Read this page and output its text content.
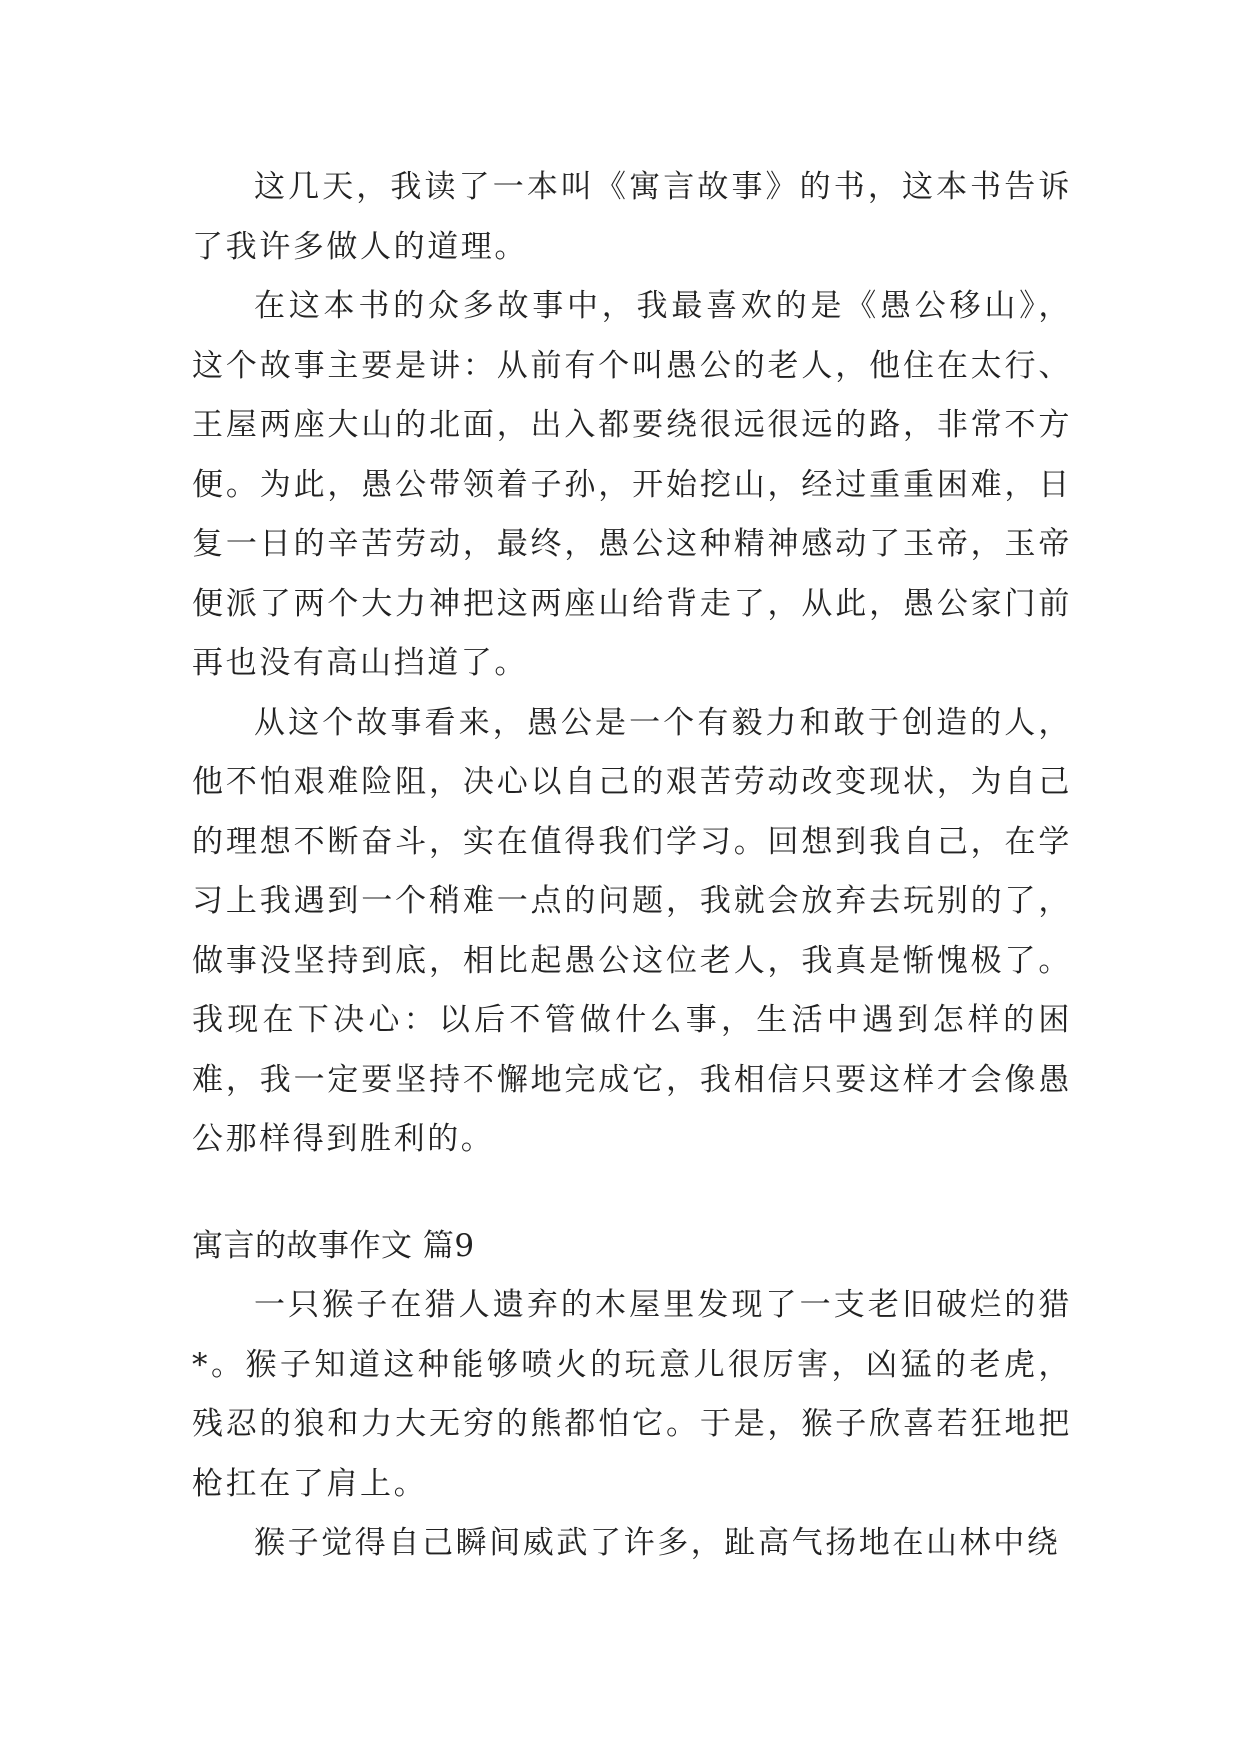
这几天，我读了一本叫《寓言故事》的书，这本书告诉了我许多做人的道理。

在这本书的众多故事中，我最喜欢的是《愚公移山》，这个故事主要是讲：从前有个叫愚公的老人，他住在太行、王屋两座大山的北面，出入都要绕很远很远的路，非常不方便。为此，愚公带领着子孙，开始挖山，经过重重困难，日复一日的辛苦劳动，最终，愚公这种精神感动了玉帝，玉帝便派了两个大力神把这两座山给背走了，从此，愚公家门前再也没有高山挡道了。

从这个故事看来，愚公是一个有毅力和敢于创造的人，他不怕艰难险阻，决心以自己的艰苦劳动改变现状，为自己的理想不断奋斗，实在值得我们学习。回想到我自己，在学习上我遇到一个稍难一点的问题，我就会放弃去玩别的了，做事没坚持到底，相比起愚公这位老人，我真是惭愧极了。我现在下决心：以后不管做什么事，生活中遇到怎样的困难，我一定要坚持不懈地完成它，我相信只要这样才会像愚公那样得到胜利的。

寓言的故事作文 篇9

一只猴子在猎人遗弃的木屋里发现了一支老旧破烂的猎*。猴子知道这种能够喷火的玩意儿很厉害，凶猛的老虎，残忍的狼和力大无穷的熊都怕它。于是，猴子欣喜若狂地把枪扛在了肩上。

猴子觉得自己瞬间威武了许多，趾高气扬地在山林中绕
